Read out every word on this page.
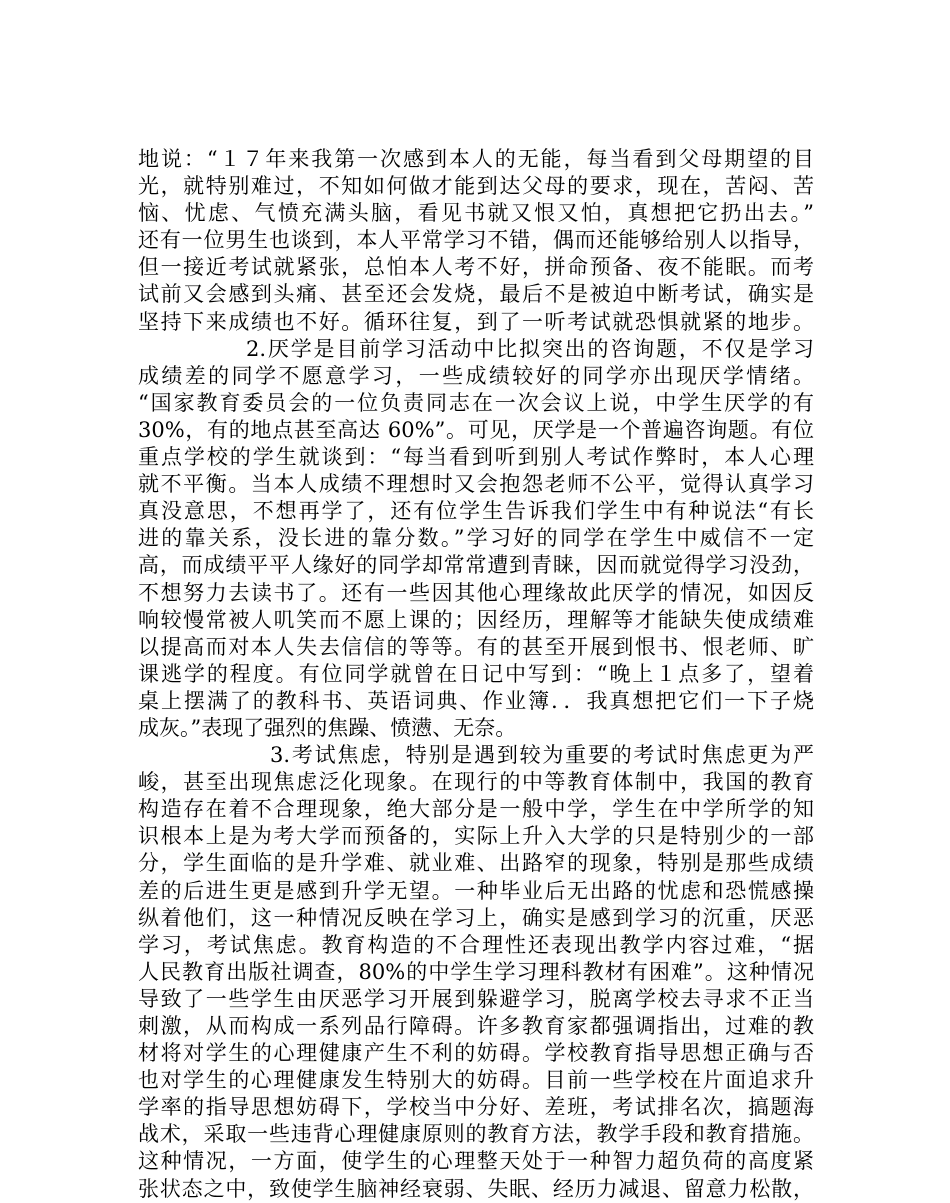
地说：“１７年来我第一次感到本人的无能，每当看到父母期望的目
光，就特别难过，不知如何做才能到达父母的要求，现在，苦闷、苦
恼、忧虑、气愤充满头脑，看见书就又恨又怕，真想把它扔出去。”
还有一位男生也谈到，本人平常学习不错，偶而还能够给别人以指导，
但一接近考试就紧张，总怕本人考不好，拼命预备、夜不能眠。而考
试前又会感到头痛、甚至还会发烧，最后不是被迫中断考试，确实是
坚持下来成绩也不好。循环往复，到了一听考试就恐惧就紧的地步。
2.厌学是目前学习活动中比拟突出的咨询题，不仅是学习
成绩差的同学不愿意学习，一些成绩较好的同学亦出现厌学情绪。
“国家教育委员会的一位负责同志在一次会议上说，中学生厌学的有
30%，有的地点甚至高达 60%”。可见，厌学是一个普遍咨询题。有位
重点学校的学生就谈到：“每当看到听到别人考试作弊时，本人心理
就不平衡。当本人成绩不理想时又会抱怨老师不公平，觉得认真学习
真没意思，不想再学了，还有位学生告诉我们学生中有种说法“有长
进的靠关系，没长进的靠分数。”学习好的同学在学生中威信不一定
高，而成绩平平人缘好的同学却常常遭到青睐，因而就觉得学习没劲，
不想努力去读书了。还有一些因其他心理缘故此厌学的情况，如因反
响较慢常被人叽笑而不愿上课的；因经历，理解等才能缺失使成绩难
以提高而对本人失去信信的等等。有的甚至开展到恨书、恨老师、旷
课逃学的程度。有位同学就曾在日记中写到：“晚上１点多了，望着
桌上摆满了的教科书、英语词典、作业簿．．我真想把它们一下子烧
成灰。”表现了强烈的焦躁、愤懑、无奈。
3.考试焦虑，特别是遇到较为重要的考试时焦虑更为严
峻，甚至出现焦虑泛化现象。在现行的中等教育体制中，我国的教育
构造存在着不合理现象，绝大部分是一般中学，学生在中学所学的知
识根本上是为考大学而预备的，实际上升入大学的只是特别少的一部
分，学生面临的是升学难、就业难、出路窄的现象，特别是那些成绩
差的后进生更是感到升学无望。一种毕业后无出路的忧虑和恐慌感操
纵着他们，这一种情况反映在学习上，确实是感到学习的沉重，厌恶
学习，考试焦虑。教育构造的不合理性还表现出教学内容过难，“据
人民教育出版社调查，80%的中学生学习理科教材有困难”。这种情况
导致了一些学生由厌恶学习开展到躲避学习，脱离学校去寻求不正当
刺激，从而构成一系列品行障碍。许多教育家都强调指出，过难的教
材将对学生的心理健康产生不利的妨碍。学校教育指导思想正确与否
也对学生的心理健康发生特别大的妨碍。目前一些学校在片面追求升
学率的指导思想妨碍下，学校当中分好、差班，考试排名次，搞题海
战术，采取一些违背心理健康原则的教育方法，教学手段和教育措施。
这种情况，一方面，使学生的心理整天处于一种智力超负荷的高度紧
张状态之中，致使学生脑神经衰弱、失眠、经历力减退、留意力松散，
